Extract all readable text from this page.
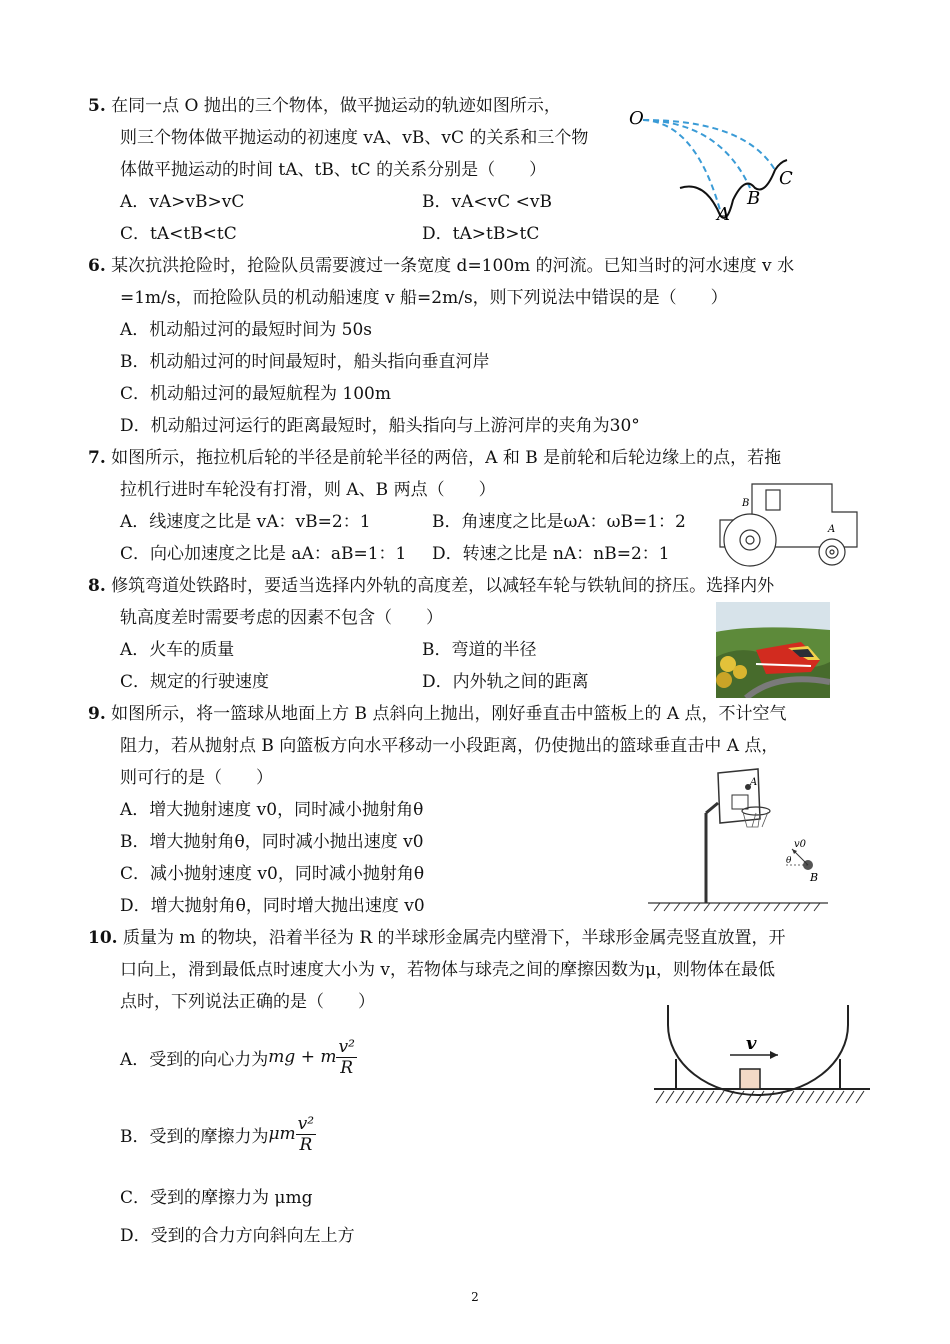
5. 在同一点 O 抛出的三个物体，做平抛运动的轨迹如图所示，
则三个物体做平抛运动的初速度 vA、vB、vC 的关系和三个物
体做平抛运动的时间 tA、tB、tC 的关系分别是（　　）
A．vA>vB>vC	B．vA<vC <vB
C．tA<tB<tC	D．tA>tB>tC
O
A
B
C
6. 某次抗洪抢险时，抢险队员需要渡过一条宽度 d=100m 的河流。已知当时的河水速度 v 水
=1m/s，而抢险队员的机动船速度 v 船=2m/s，则下列说法中错误的是（　　）
A．机动船过河的最短时间为 50s
B．机动船过河的时间最短时，船头指向垂直河岸
C．机动船过河的最短航程为 100m
D．机动船过河运行的距离最短时，船头指向与上游河岸的夹角为30°
7. 如图所示，拖拉机后轮的半径是前轮半径的两倍，A 和 B 是前轮和后轮边缘上的点，若拖
拉机行进时车轮没有打滑，则 A、B 两点（　　）
A．线速度之比是 vA：vB=2：1	B．角速度之比是ωA：ωB=1：2
C．向心加速度之比是 aA：aB=1：1 D．转速之比是 nA：nB=2：1
B
A
8. 修筑弯道处铁路时，要适当选择内外轨的高度差，以减轻车轮与铁轨间的挤压。选择内外
轨高度差时需要考虑的因素不包含（　　）
A．火车的质量	B．弯道的半径
C．规定的行驶速度	D．内外轨之间的距离
9. 如图所示，将一篮球从地面上方 B 点斜向上抛出，刚好垂直击中篮板上的 A 点，不计空气
阻力，若从抛射点 B 向篮板方向水平移动一小段距离，仍使抛出的篮球垂直击中 A 点，
则可行的是（　　）
A．增大抛射速度 v0，同时减小抛射角θ
B．增大抛射角θ，同时减小抛出速度 v0
C．减小抛射速度 v0，同时减小抛射角θ
D．增大抛射角θ，同时增大抛出速度 v0
A
v0
θ
B
10. 质量为 m 的物块，沿着半径为 R 的半球形金属壳内壁滑下，半球形金属壳竖直放置，开
口向上，滑到最低点时速度大小为 v，若物体与球壳之间的摩擦因数为μ，则物体在最低
点时，下列说法正确的是（　　）
A．受到的向心力为 mg + m $\frac{\text{v²}}{R}$
B．受到的摩擦力为 μm $\frac{\text{v²}}{R}$
C．受到的摩擦力为 μmg
D．受到的合力方向斜向左上方
v
2
